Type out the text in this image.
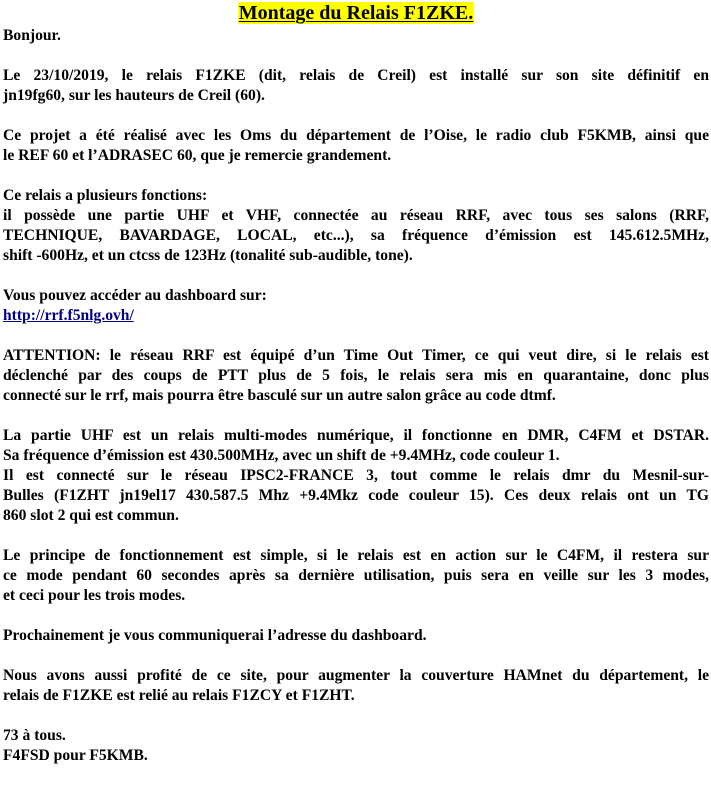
Montage du Relais F1ZKE.

Bonjour.

Le 23/10/2019, le relais F1ZKE (dit, relais de Creil) est installé sur son site définitif en
jn19fg60, sur les hauteurs de Creil (60).

Ce projet a été réalisé avec les Oms du département de l’Oise, le radio club F5KMB, ainsi que
le REF 60 et l’ADRASEC 60, que je remercie grandement.

Ce relais a plusieurs fonctions:
il possède une partie UHF et VHF, connectée au réseau RRF, avec tous ses salons (RRF,
TECHNIQUE, BAVARDAGE, LOCAL, etc...), sa fréquence d’émission est 145.612.5MHz,
shift -600Hz, et un ctcss de 123Hz (tonalité sub-audible, tone).

Vous pouvez accéder au dashboard sur:
http://rrf.f5nlg.ovh/

ATTENTION: le réseau RRF est équipé d’un Time Out Timer, ce qui veut dire, si le relais est
déclenché par des coups de PTT plus de 5 fois, le relais sera mis en quarantaine, donc plus
connecté sur le rrf, mais pourra être basculé sur un autre salon grâce au code dtmf.

La partie UHF est un relais multi-modes numérique, il fonctionne en DMR, C4FM et DSTAR.
Sa fréquence d’émission est 430.500MHz, avec un shift de +9.4MHz, code couleur 1.
Il est connecté sur le réseau IPSC2-FRANCE 3, tout comme le relais dmr du Mesnil-sur-
Bulles (F1ZHT jn19el17 430.587.5 Mhz +9.4Mkz code couleur 15). Ces deux relais ont un TG
860 slot 2 qui est commun.

Le principe de fonctionnement est simple, si le relais est en action sur le C4FM, il restera sur
ce mode pendant 60 secondes après sa dernière utilisation, puis sera en veille sur les 3 modes,
et ceci pour les trois modes.

Prochainement je vous communiquerai l’adresse du dashboard.

Nous avons aussi profité de ce site, pour augmenter la couverture HAMnet du département, le
relais de F1ZKE est relié au relais F1ZCY et F1ZHT.

73 à tous.
F4FSD pour F5KMB.
